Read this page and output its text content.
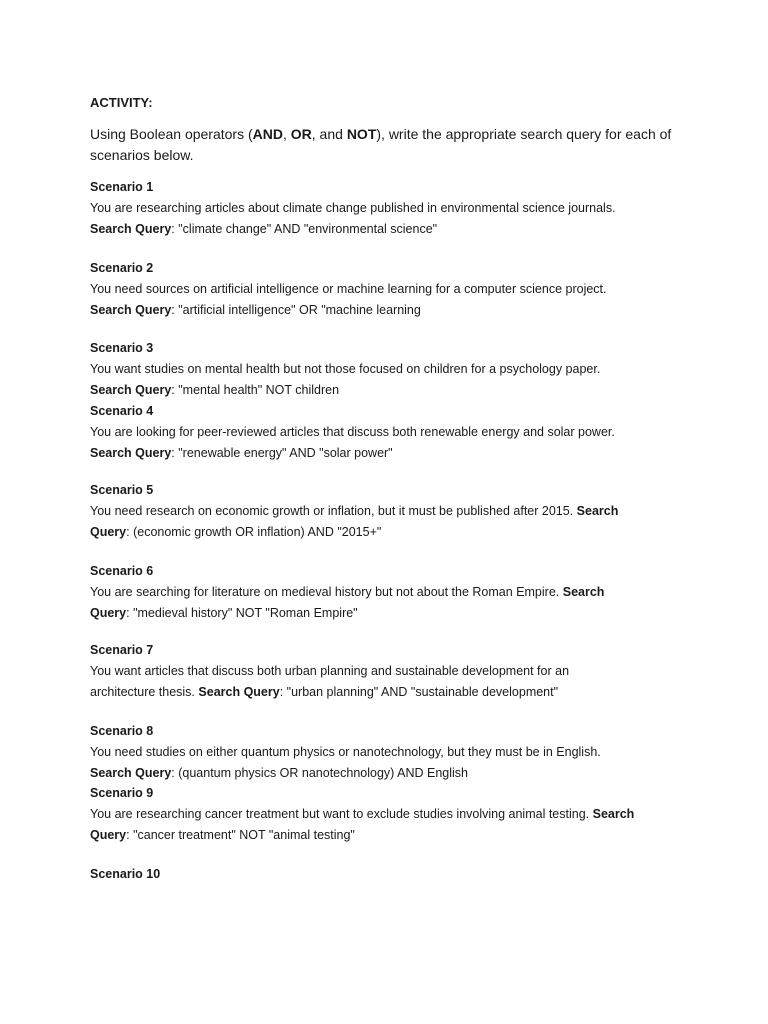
ACTIVITY:
Using Boolean operators (AND, OR, and NOT), write the appropriate search query for each of scenarios below.
Scenario 1
You are researching articles about climate change published in environmental science journals.
Search Query: "climate change" AND "environmental science"
Scenario 2
You need sources on artificial intelligence or machine learning for a computer science project.
Search Query: "artificial intelligence" OR "machine learning
Scenario 3
You want studies on mental health but not those focused on children for a psychology paper.
Search Query: "mental health" NOT children
Scenario 4
You are looking for peer-reviewed articles that discuss both renewable energy and solar power.
Search Query: "renewable energy" AND "solar power"
Scenario 5
You need research on economic growth or inflation, but it must be published after 2015. Search
Query: (economic growth OR inflation) AND "2015+"
Scenario 6
You are searching for literature on medieval history but not about the Roman Empire. Search
Query: "medieval history" NOT "Roman Empire"
Scenario 7
You want articles that discuss both urban planning and sustainable development for an
architecture thesis. Search Query: "urban planning" AND "sustainable development"
Scenario 8
You need studies on either quantum physics or nanotechnology, but they must be in English.
Search Query: (quantum physics OR nanotechnology) AND English
Scenario 9
You are researching cancer treatment but want to exclude studies involving animal testing. Search
Query: "cancer treatment" NOT "animal testing"
Scenario 10
